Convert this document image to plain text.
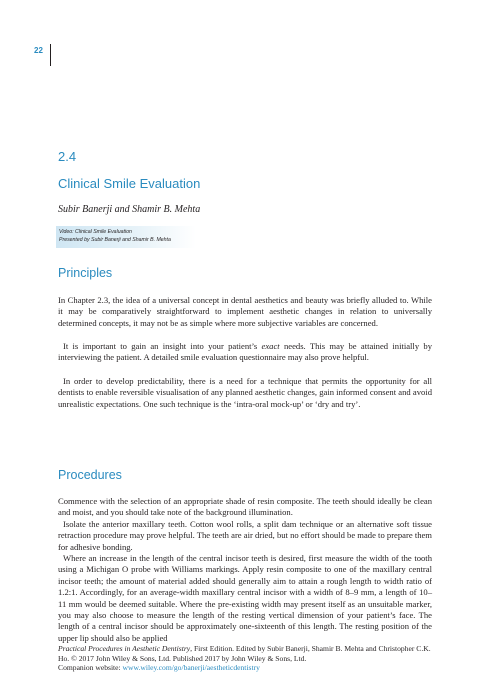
22
2.4
Clinical Smile Evaluation
Subir Banerji and Shamir B. Mehta
Video: Clinical Smile Evaluation
Presented by Subir Banerji and Shamir B. Mehta
Principles

In Chapter 2.3, the idea of a universal concept in dental aesthetics and beauty was briefly alluded to. While it may be comparatively straightforward to implement aesthetic changes in relation to universally determined concepts, it may not be as simple where more subjective variables are concerned.

It is important to gain an insight into your patient’s exact needs. This may be attained initially by interviewing the patient. A detailed smile evaluation questionnaire may also prove helpful.

In order to develop predictability, there is a need for a technique that permits the opportunity for all dentists to enable reversible visualisation of any planned aesthetic changes, gain informed consent and avoid unrealistic expectations. One such technique is the ‘intra-oral mock-up’ or ‘dry and try’.

Procedures

Commence with the selection of an appropriate shade of resin composite. The teeth should ideally be clean and moist, and you should take note of the background illumination.

Isolate the anterior maxillary teeth. Cotton wool rolls, a split dam technique or an alternative soft tissue retraction procedure may prove helpful. The teeth are air dried, but no effort should be made to prepare them for adhesive bonding.

Where an increase in the length of the central incisor teeth is desired, first measure the width of the tooth using a Michigan O probe with Williams markings. Apply resin composite to one of the maxillary central incisor teeth; the amount of material added should generally aim to attain a rough length to width ratio of 1.2:1. Accordingly, for an average-width maxillary central incisor with a width of 8–9 mm, a length of 10–11 mm would be deemed suitable. Where the pre-existing width may present itself as an unsuitable marker, you may also choose to measure the length of the resting vertical dimension of your patient’s face. The length of a central incisor should be approximately one-sixteenth of this length. The resting position of the upper lip should also be applied

Practical Procedures in Aesthetic Dentistry, First Edition. Edited by Subir Banerji, Shamir B. Mehta and Christopher C.K. Ho. © 2017 John Wiley & Sons, Ltd. Published 2017 by John Wiley & Sons, Ltd.
Companion website: www.wiley.com/go/banerji/aestheticdentistry
